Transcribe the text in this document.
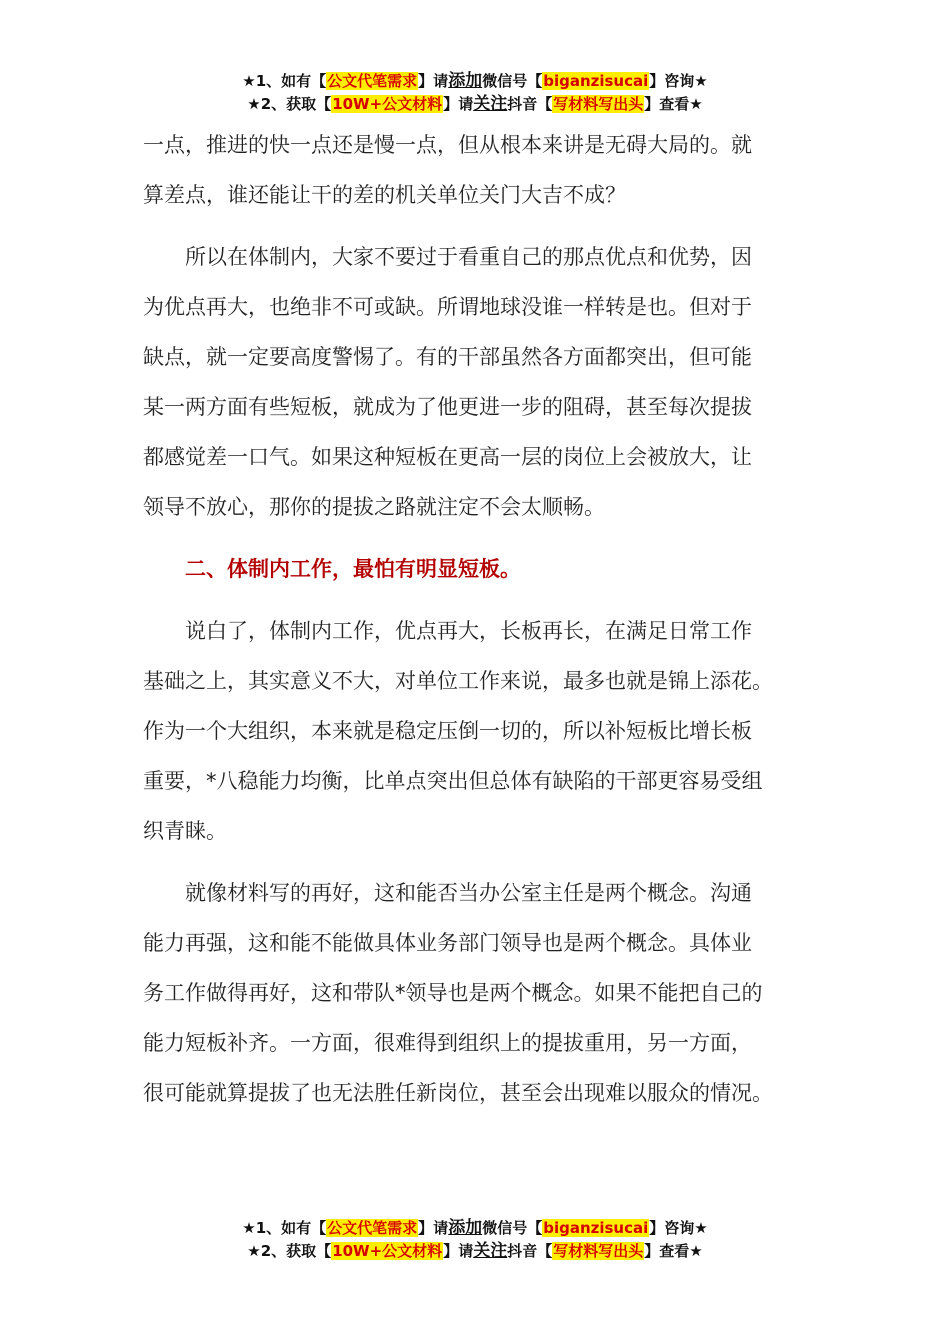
★1、如有【公文代笔需求】请添加微信号【biganzisucai】咨询★
★2、获取【10W+公文材料】请关注抖音【写材料写出头】查看★

一点，推进的快一点还是慢一点，但从根本来讲是无碍大局的。就
算差点，谁还能让干的差的机关单位关门大吉不成？

所以在体制内，大家不要过于看重自己的那点优点和优势，因
为优点再大，也绝非不可或缺。所谓地球没谁一样转是也。但对于
缺点，就一定要高度警惕了。有的干部虽然各方面都突出，但可能
某一两方面有些短板，就成为了他更进一步的阻碍，甚至每次提拔
都感觉差一口气。如果这种短板在更高一层的岗位上会被放大，让
领导不放心，那你的提拔之路就注定不会太顺畅。

二、体制内工作，最怕有明显短板。

说白了，体制内工作，优点再大，长板再长，在满足日常工作
基础之上，其实意义不大，对单位工作来说，最多也就是锦上添花。
作为一个大组织，本来就是稳定压倒一切的，所以补短板比增长板
重要，*八稳能力均衡，比单点突出但总体有缺陷的干部更容易受组
织青睐。

就像材料写的再好，这和能否当办公室主任是两个概念。沟通
能力再强，这和能不能做具体业务部门领导也是两个概念。具体业
务工作做得再好，这和带队*领导也是两个概念。如果不能把自己的
能力短板补齐。一方面，很难得到组织上的提拔重用，另一方面，
很可能就算提拔了也无法胜任新岗位，甚至会出现难以服众的情况。

★1、如有【公文代笔需求】请添加微信号【biganzisucai】咨询★
★2、获取【10W+公文材料】请关注抖音【写材料写出头】查看★
